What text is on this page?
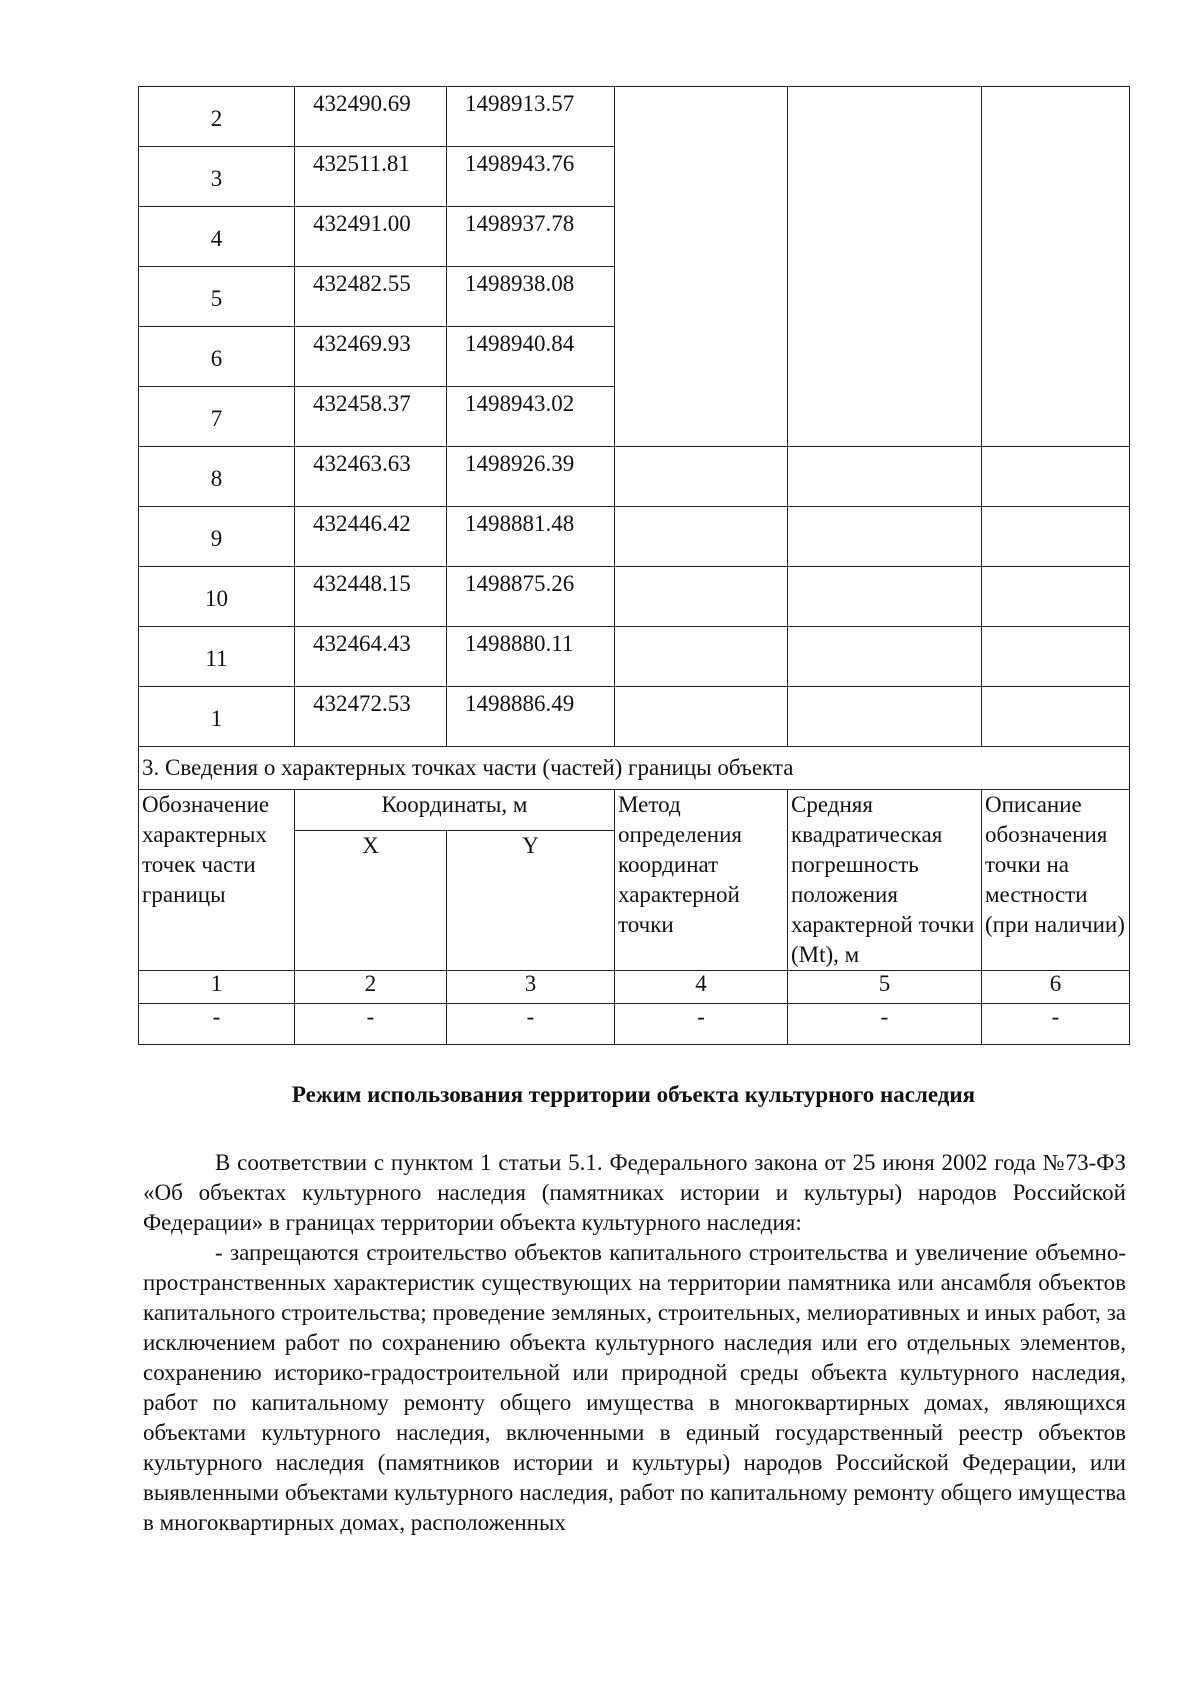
2	432490.69	1498913.57			
3	432511.81	1498943.76			
4	432491.00	1498937.78			
5	432482.55	1498938.08			
6	432469.93	1498940.84			
7	432458.37	1498943.02			
8	432463.63	1498926.39			
9	432446.42	1498881.48			
10	432448.15	1498875.26			
11	432464.43	1498880.11			
1	432472.53	1498886.49			
3. Сведения о характерных точках части (частей) границы объекта					
Обозначение характерных точек части границы	Координаты, м		Метод определения координат характерной точки	Средняя квадратическая погрешность положения характерной точки (Mt), м	Описание обозначения точки на местности (при наличии)
	X	Y			
1	2	3	4	5	6
-	-	-	-	-	-
Режим использования территории объекта культурного наследия

В соответствии с пунктом 1 статьи 5.1. Федерального закона от 25 июня 2002 года №73-ФЗ «Об объектах культурного наследия (памятниках истории и культуры) народов Российской Федерации» в границах территории объекта культурного наследия:

- запрещаются строительство объектов капитального строительства и увеличение объемно-пространственных характеристик существующих на территории памятника или ансамбля объектов капитального строительства; проведение земляных, строительных, мелиоративных и иных работ, за исключением работ по сохранению объекта культурного наследия или его отдельных элементов, сохранению историко-градостроительной или природной среды объекта культурного наследия, работ по капитальному ремонту общего имущества в многоквартирных домах, являющихся объектами культурного наследия, включенными в единый государственный реестр объектов культурного наследия (памятников истории и культуры) народов Российской Федерации, или выявленными объектами культурного наследия, работ по капитальному ремонту общего имущества в многоквартирных домах, расположенных
